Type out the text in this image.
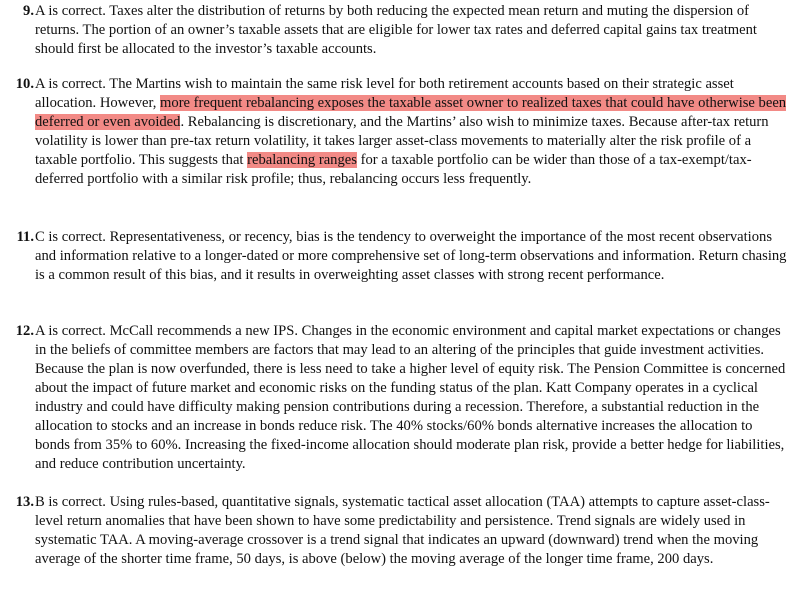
9. A is correct. Taxes alter the distribution of returns by both reducing the expected mean return and muting the dispersion of returns. The portion of an owner’s taxable assets that are eligible for lower tax rates and deferred capital gains tax treatment should first be allocated to the investor’s taxable accounts.
10. A is correct. The Martins wish to maintain the same risk level for both retirement accounts based on their strategic asset allocation. However, more frequent rebalancing exposes the taxable asset owner to realized taxes that could have otherwise been deferred or even avoided. Rebalancing is discretionary, and the Martins’ also wish to minimize taxes. Because after-tax return volatility is lower than pre-tax return volatility, it takes larger asset-class movements to materially alter the risk profile of a taxable portfolio. This suggests that rebalancing ranges for a taxable portfolio can be wider than those of a tax-exempt/tax-deferred portfolio with a similar risk profile; thus, rebalancing occurs less frequently.
11. C is correct. Representativeness, or recency, bias is the tendency to overweight the importance of the most recent observations and information relative to a longer-dated or more comprehensive set of long-term observations and information. Return chasing is a common result of this bias, and it results in overweighting asset classes with strong recent performance.
12. A is correct. McCall recommends a new IPS. Changes in the economic environment and capital market expectations or changes in the beliefs of committee members are factors that may lead to an altering of the principles that guide investment activities. Because the plan is now overfunded, there is less need to take a higher level of equity risk. The Pension Committee is concerned about the impact of future market and economic risks on the funding status of the plan. Katt Company operates in a cyclical industry and could have difficulty making pension contributions during a recession. Therefore, a substantial reduction in the allocation to stocks and an increase in bonds reduce risk. The 40% stocks/60% bonds alternative increases the allocation to bonds from 35% to 60%. Increasing the fixed-income allocation should moderate plan risk, provide a better hedge for liabilities, and reduce contribution uncertainty.
13. B is correct. Using rules-based, quantitative signals, systematic tactical asset allocation (TAA) attempts to capture asset-class-level return anomalies that have been shown to have some predictability and persistence. Trend signals are widely used in systematic TAA. A moving-average crossover is a trend signal that indicates an upward (downward) trend when the moving average of the shorter time frame, 50 days, is above (below) the moving average of the longer time frame, 200 days.
